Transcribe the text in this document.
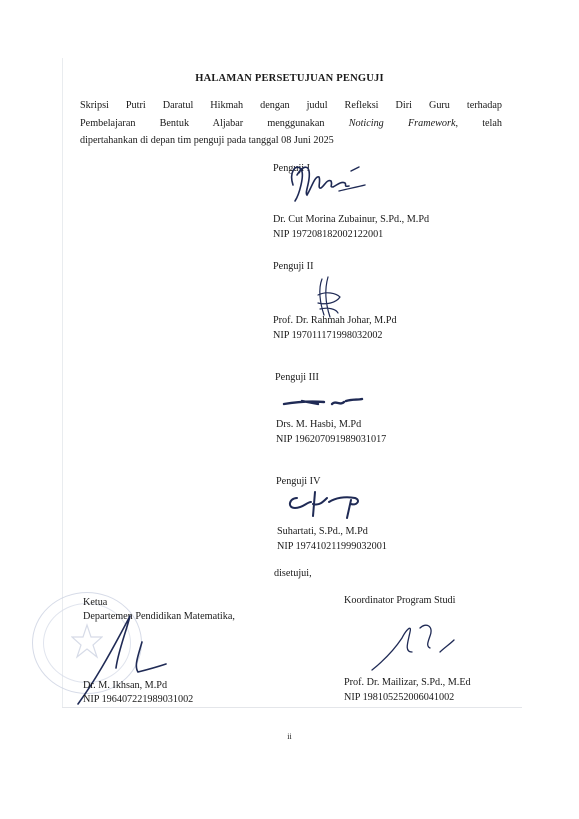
HALAMAN PERSETUJUAN PENGUJI
Skripsi Putri Daratul Hikmah dengan judul Refleksi Diri Guru terhadap
Pembelajaran Bentuk Aljabar menggunakan Noticing Framework, telah
dipertahankan di depan tim penguji pada tanggal 08 Juni 2025
Penguji I
Dr. Cut Morina Zubainur, S.Pd., M.Pd
NIP 197208182002122001
Penguji II
Prof. Dr. Rahmah Johar, M.Pd
NIP 197011171998032002
Penguji III
Drs. M. Hasbi, M.Pd
NIP 196207091989031017
Penguji IV
Suhartati, S.Pd., M.Pd
NIP 197410211999032001
disetujui,
Ketua
Departemen Pendidikan Matematika,
Dr. M. Ikhsan, M.Pd
NIP 196407221989031002
Koordinator Program Studi
Prof. Dr. Mailizar, S.Pd., M.Ed
NIP 198105252006041002
ii
